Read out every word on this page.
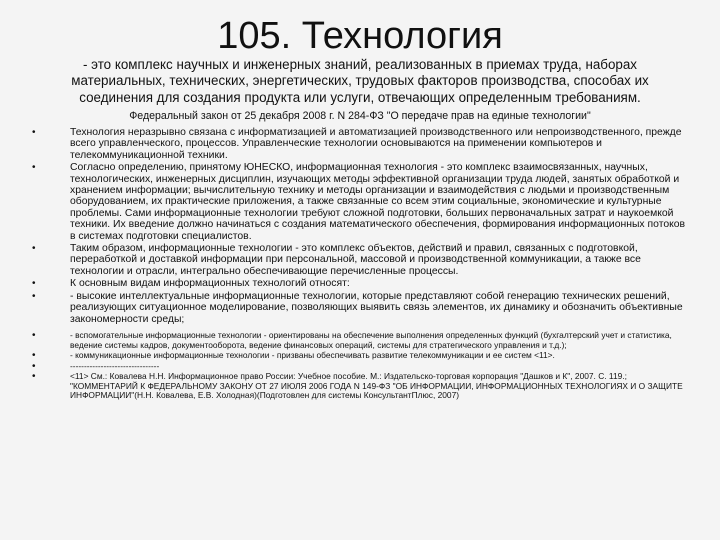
105. Технология
- это комплекс научных и инженерных знаний, реализованных в приемах труда, наборах материальных, технических, энергетических, трудовых факторов производства, способах их соединения для создания продукта или услуги, отвечающих определенным требованиям.
Федеральный закон от 25 декабря 2008 г. N 284-ФЗ "О передаче прав на единые технологии"
• Технология неразрывно связана с информатизацией и автоматизацией производственного или непроизводственного, прежде всего управленческого, процессов. Управленческие технологии основываются на применении компьютеров и телекоммуникационной техники.
• Согласно определению, принятому ЮНЕСКО, информационная технология - это комплекс взаимосвязанных, научных, технологических, инженерных дисциплин, изучающих методы эффективной организации труда людей, занятых обработкой и хранением информации; вычислительную технику и методы организации и взаимодействия с людьми и производственным оборудованием, их практические приложения, а также связанные со всем этим социальные, экономические и культурные проблемы. Сами информационные технологии требуют сложной подготовки, больших первоначальных затрат и наукоемкой техники. Их введение должно начинаться с создания математического обеспечения, формирования информационных потоков в системах подготовки специалистов.
• Таким образом, информационные технологии - это комплекс объектов, действий и правил, связанных с подготовкой, переработкой и доставкой информации при персональной, массовой и производственной коммуникации, а также все технологии и отрасли, интегрально обеспечивающие перечисленные процессы.
• К основным видам информационных технологий относят:
• - высокие интеллектуальные информационные технологии, которые представляют собой генерацию технических решений, реализующих ситуационное моделирование, позволяющих выявить связь элементов, их динамику и обозначить объективные закономерности среды;
• - вспомогательные информационные технологии - ориентированы на обеспечение выполнения определенных функций (бухгалтерский учет и статистика, ведение системы кадров, документооборота, ведение финансовых операций, системы для стратегического управления и т.д.);
• - коммуникационные информационные технологии - призваны обеспечивать развитие телекоммуникации и ее систем <11>.
• --------------------------------
• <11> См.: Ковалева Н.Н. Информационное право России: Учебное пособие. М.: Издательско-торговая корпорация "Дашков и К", 2007. С. 119.; "КОММЕНТАРИЙ К ФЕДЕРАЛЬНОМУ ЗАКОНУ ОТ 27 ИЮЛЯ 2006 ГОДА N 149-ФЗ "ОБ ИНФОРМАЦИИ, ИНФОРМАЦИОННЫХ ТЕХНОЛОГИЯХ И О ЗАЩИТЕ ИНФОРМАЦИИ"(Н.Н. Ковалева, Е.В. Холодная)(Подготовлен для системы КонсультантПлюс, 2007)
